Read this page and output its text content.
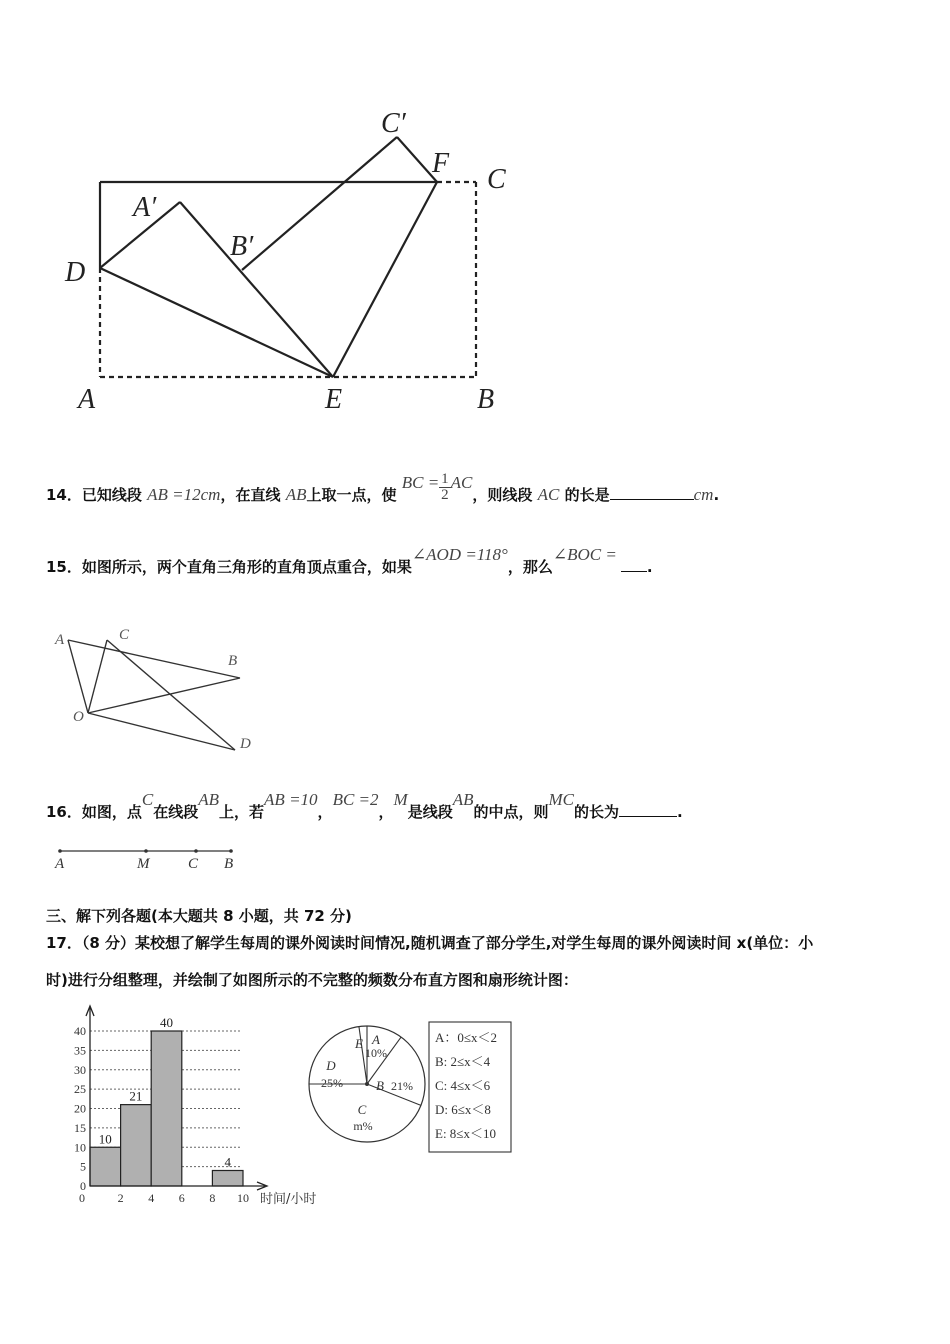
C′
F
C
A′
B′
D
A	E	B
14．已知线段 AB =12cm，在直线 AB上取一点，使 BC = $\frac{1}{2}$ AC，则线段 AC 的长是	cm.
15．如图所示，两个直角三角形的直角顶点重合，如果∠AOD =118°，那么∠BOC =.
A	C
B
O
D
16．如图，点C在线段AB上，若AB =10，BC =2，M是线段AB的中点，则MC的长为	.
A	M	C B
三、解下列各题(本大题共 8 小题，共 72 分)
17．（8 分）某校想了解学生每周的课外阅读时间情况,随机调查了部分学生,对学生每周的课外阅读时间 x(单位：小
时)进行分组整理，并绘制了如图所示的不完整的频数分布直方图和扇形统计图：
0
5
10
15
20
25
30
35
40
10
21
40
4
0	2 4 6 8 10 时间/小时
E A
10%
B 21%
C
m%
D
25%
A：0≤x＜2
B: 2≤x＜4
C: 4≤x＜6
D: 6≤x＜8
E: 8≤x＜10
